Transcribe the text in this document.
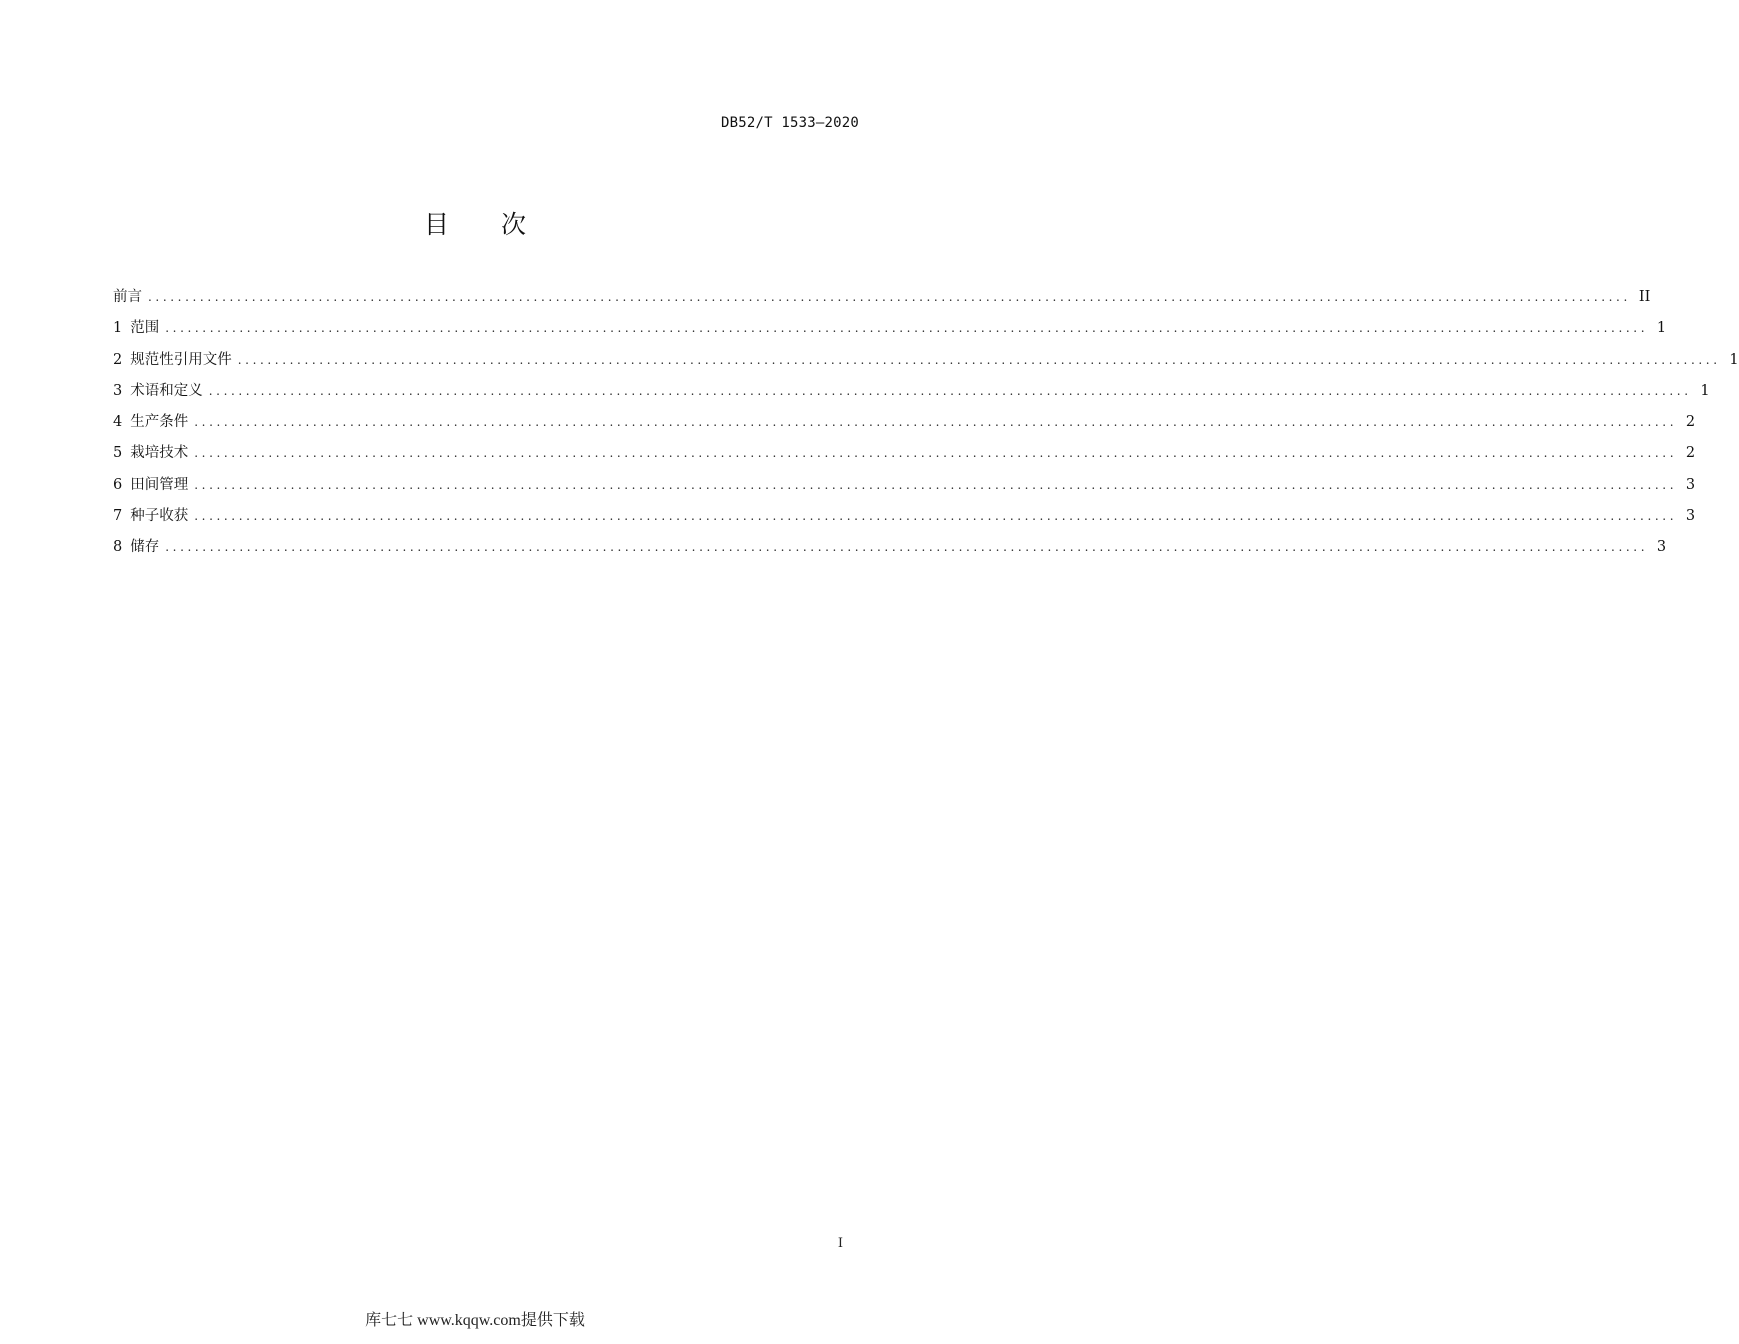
DB52/T 1533—2020
目 次
前言 ........................................................................................................................................................................................................ II
1 范围 ........................................................................................................................................................................................................ 1
2 规范性引用文件 ........................................................................................................................................................................................................ 1
3 术语和定义 ........................................................................................................................................................................................................ 1
4 生产条件 ........................................................................................................................................................................................................ 2
5 栽培技术 ........................................................................................................................................................................................................ 2
6 田间管理 ........................................................................................................................................................................................................ 3
7 种子收获 ........................................................................................................................................................................................................ 3
8 储存 ........................................................................................................................................................................................................ 3
I
库七七 www.kqqw.com提供下载
